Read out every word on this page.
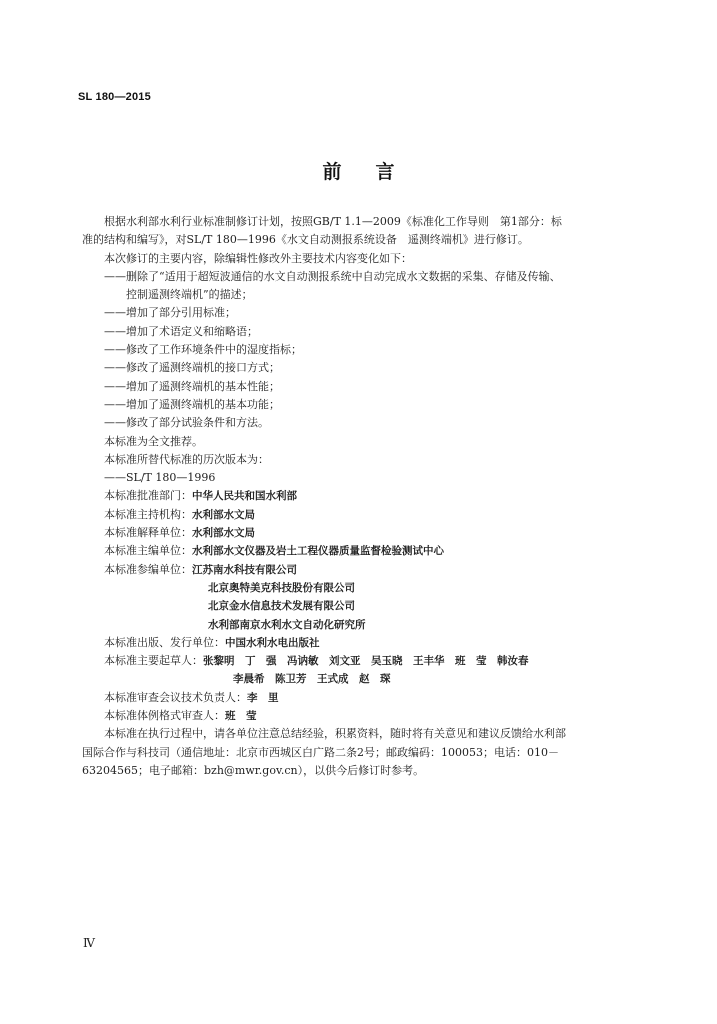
SL 180—2015
前言
根据水利部水利行业标准制修订计划，按照GB/T 1.1—2009《标准化工作导则　第1部分：标
准的结构和编写》，对SL/T 180—1996《水文自动测报系统设备　遥测终端机》进行修订。
本次修订的主要内容，除编辑性修改外主要技术内容变化如下：
——删除了“适用于超短波通信的水文自动测报系统中自动完成水文数据的采集、存储及传输、
控制遥测终端机”的描述；
——增加了部分引用标准；
——增加了术语定义和缩略语；
——修改了工作环境条件中的湿度指标；
——修改了遥测终端机的接口方式；
——增加了遥测终端机的基本性能；
——增加了遥测终端机的基本功能；
——修改了部分试验条件和方法。
本标准为全文推荐。
本标准所替代标准的历次版本为：
——SL/T 180—1996
本标准批准部门：中华人民共和国水利部
本标准主持机构：水利部水文局
本标准解释单位：水利部水文局
本标准主编单位：水利部水文仪器及岩土工程仪器质量监督检验测试中心
本标准参编单位：江苏南水科技有限公司
北京奥特美克科技股份有限公司
北京金水信息技术发展有限公司
水利部南京水利水文自动化研究所
本标准出版、发行单位：中国水利水电出版社
本标准主要起草人：张黎明　丁　强　冯讷敏　刘文亚　吴玉晓　王丰华　班　莹　韩汝春
李晨希　陈卫芳　王式成　赵　琛
本标准审查会议技术负责人：李　里
本标准体例格式审查人：班　莹
本标准在执行过程中，请各单位注意总结经验，积累资料，随时将有关意见和建议反馈给水利部
国际合作与科技司（通信地址：北京市西城区白广路二条2号；邮政编码：100053；电话：010－
63204565；电子邮箱：bzh@mwr.gov.cn），以供今后修订时参考。
Ⅳ
